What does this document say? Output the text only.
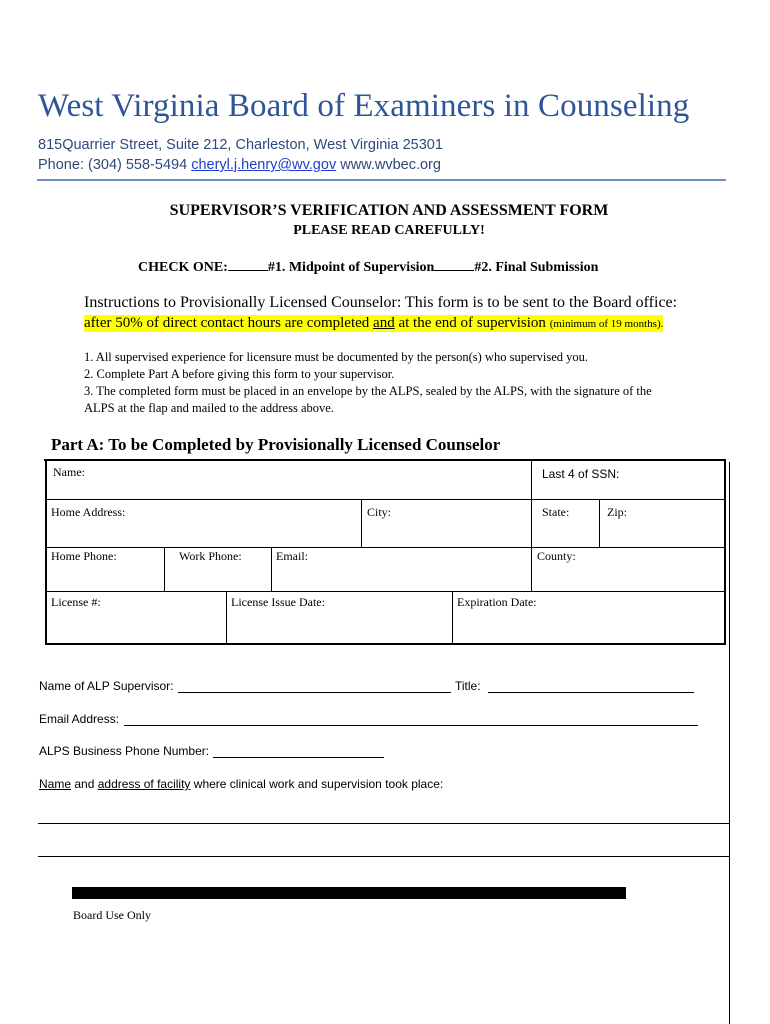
West Virginia Board of Examiners in Counseling
815Quarrier Street, Suite 212, Charleston, West Virginia 25301
Phone: (304) 558-5494 cheryl.j.henry@wv.gov www.wvbec.org
SUPERVISOR’S VERIFICATION AND ASSESSMENT FORM
PLEASE READ CAREFULLY!
CHECK ONE:	#1. Midpoint of Supervision	#2. Final Submission
Instructions to Provisionally Licensed Counselor: This form is to be sent to the Board office:
after 50% of direct contact hours are completed and at the end of supervision (minimum of 19 months).
1. All supervised experience for licensure must be documented by the person(s) who supervised you.
2. Complete Part A before giving this form to your supervisor.
3. The completed form must be placed in an envelope by the ALPS, sealed by the ALPS, with the signature of the
ALPS at the flap and mailed to the address above.
Part A: To be Completed by Provisionally Licensed Counselor
Name:	Last 4 of SSN:
Home Address:	City:	State:	Zip:
Home Phone:	Work Phone:	Email:	County:
License #:	License Issue Date:	Expiration Date:
Name of ALP Supervisor:	Title:
Email Address:
ALPS Business Phone Number:
Name and address of facility where clinical work and supervision took place:
Board Use Only
